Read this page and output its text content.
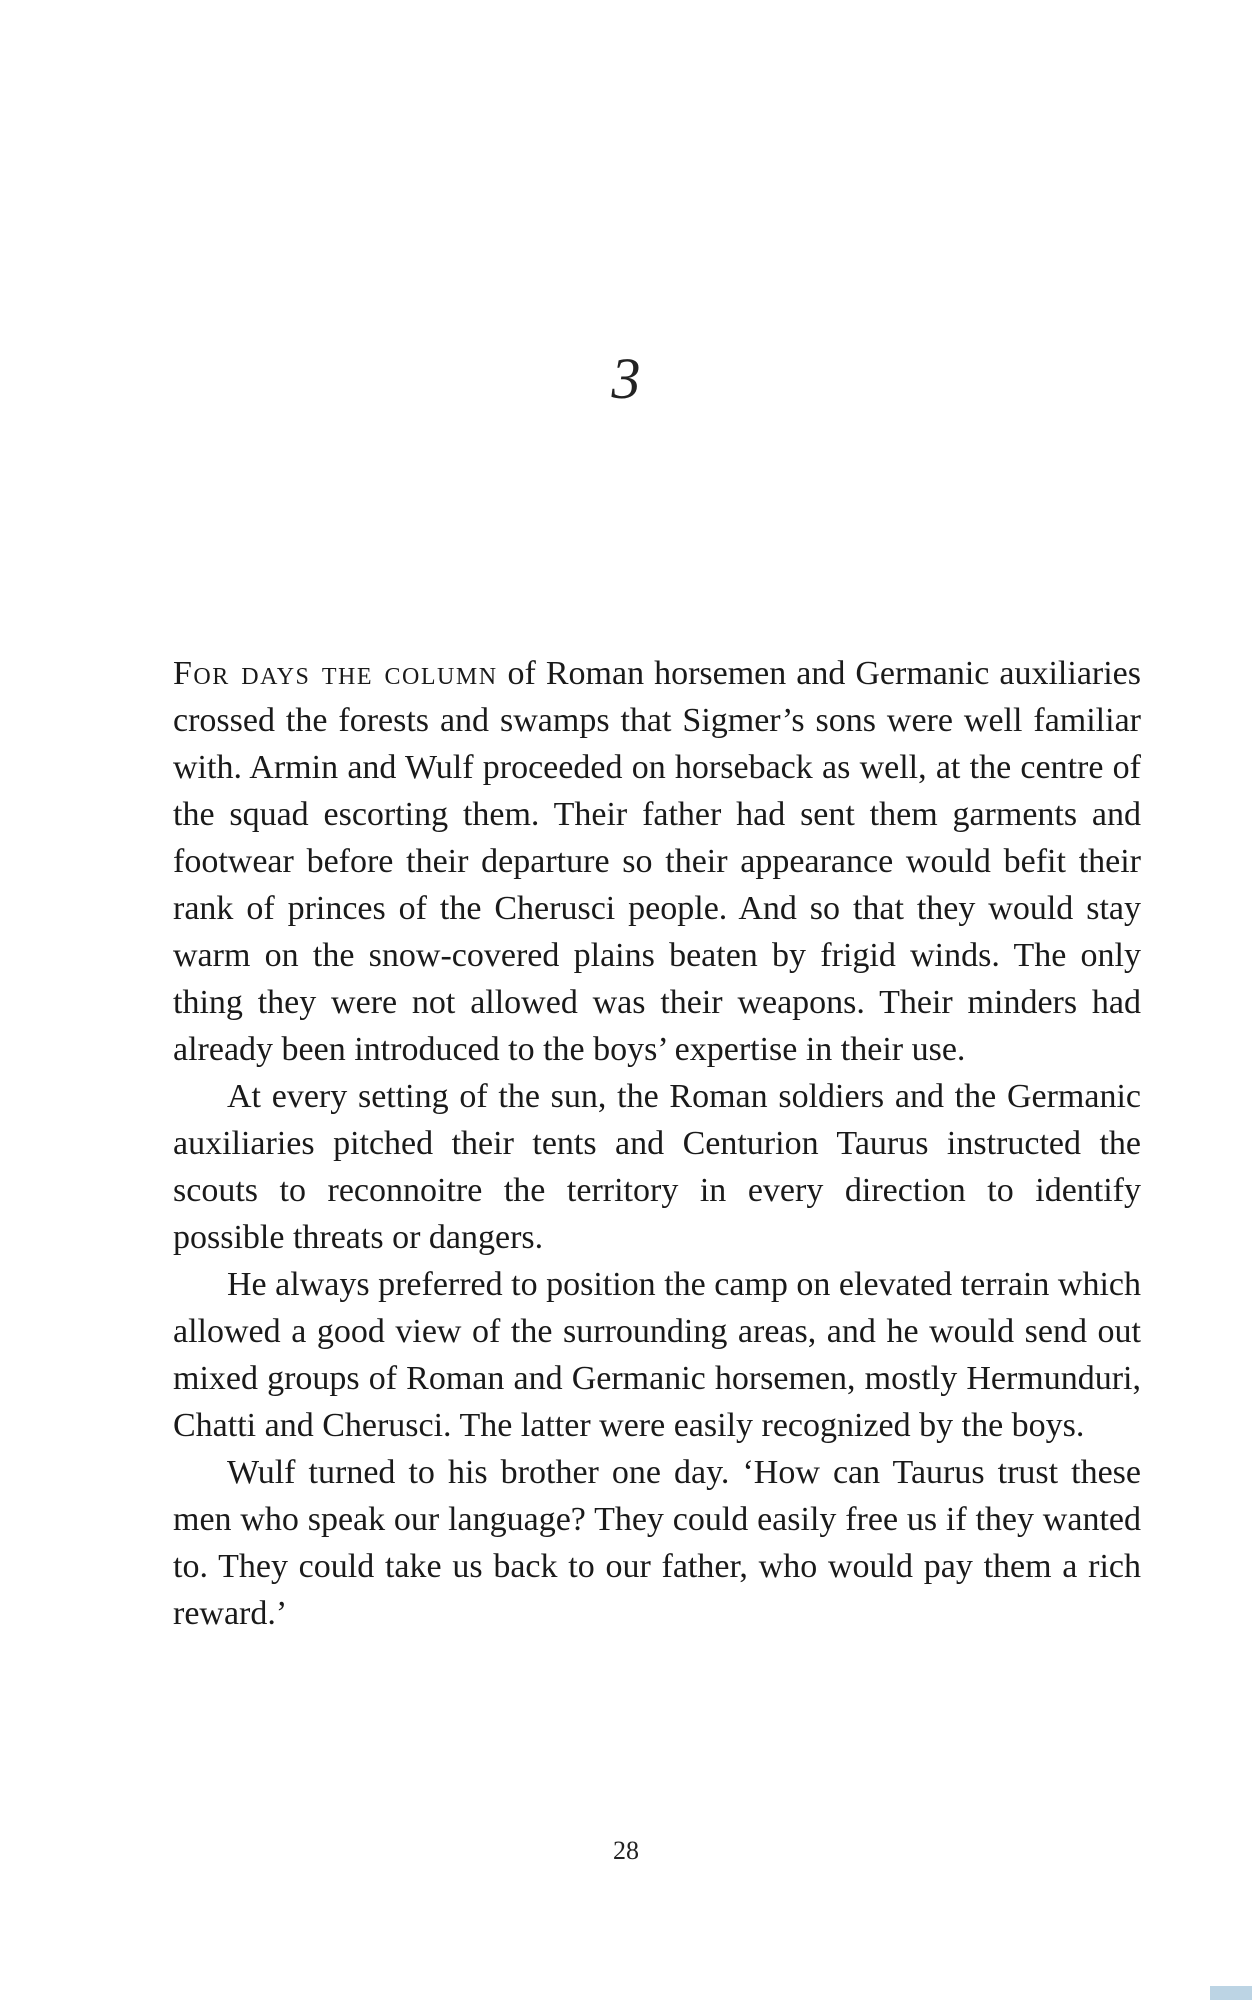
3

For days the column of Roman horsemen and Germanic auxiliaries crossed the forests and swamps that Sigmer’s sons were well familiar with. Armin and Wulf proceeded on horseback as well, at the centre of the squad escorting them. Their father had sent them garments and footwear before their departure so their appearance would befit their rank of princes of the Cherusci people. And so that they would stay warm on the snow-covered plains beaten by frigid winds. The only thing they were not allowed was their weapons. Their minders had already been introduced to the boys’ expertise in their use.

At every setting of the sun, the Roman soldiers and the Germanic auxiliaries pitched their tents and Centurion Taurus instructed the scouts to reconnoitre the territory in every direction to identify possible threats or dangers.

He always preferred to position the camp on elevated terrain which allowed a good view of the surrounding areas, and he would send out mixed groups of Roman and Germanic horsemen, mostly Hermunduri, Chatti and Cherusci. The latter were easily recognized by the boys.

Wulf turned to his brother one day. ‘How can Taurus trust these men who speak our language? They could easily free us if they wanted to. They could take us back to our father, who would pay them a rich reward.’

28
